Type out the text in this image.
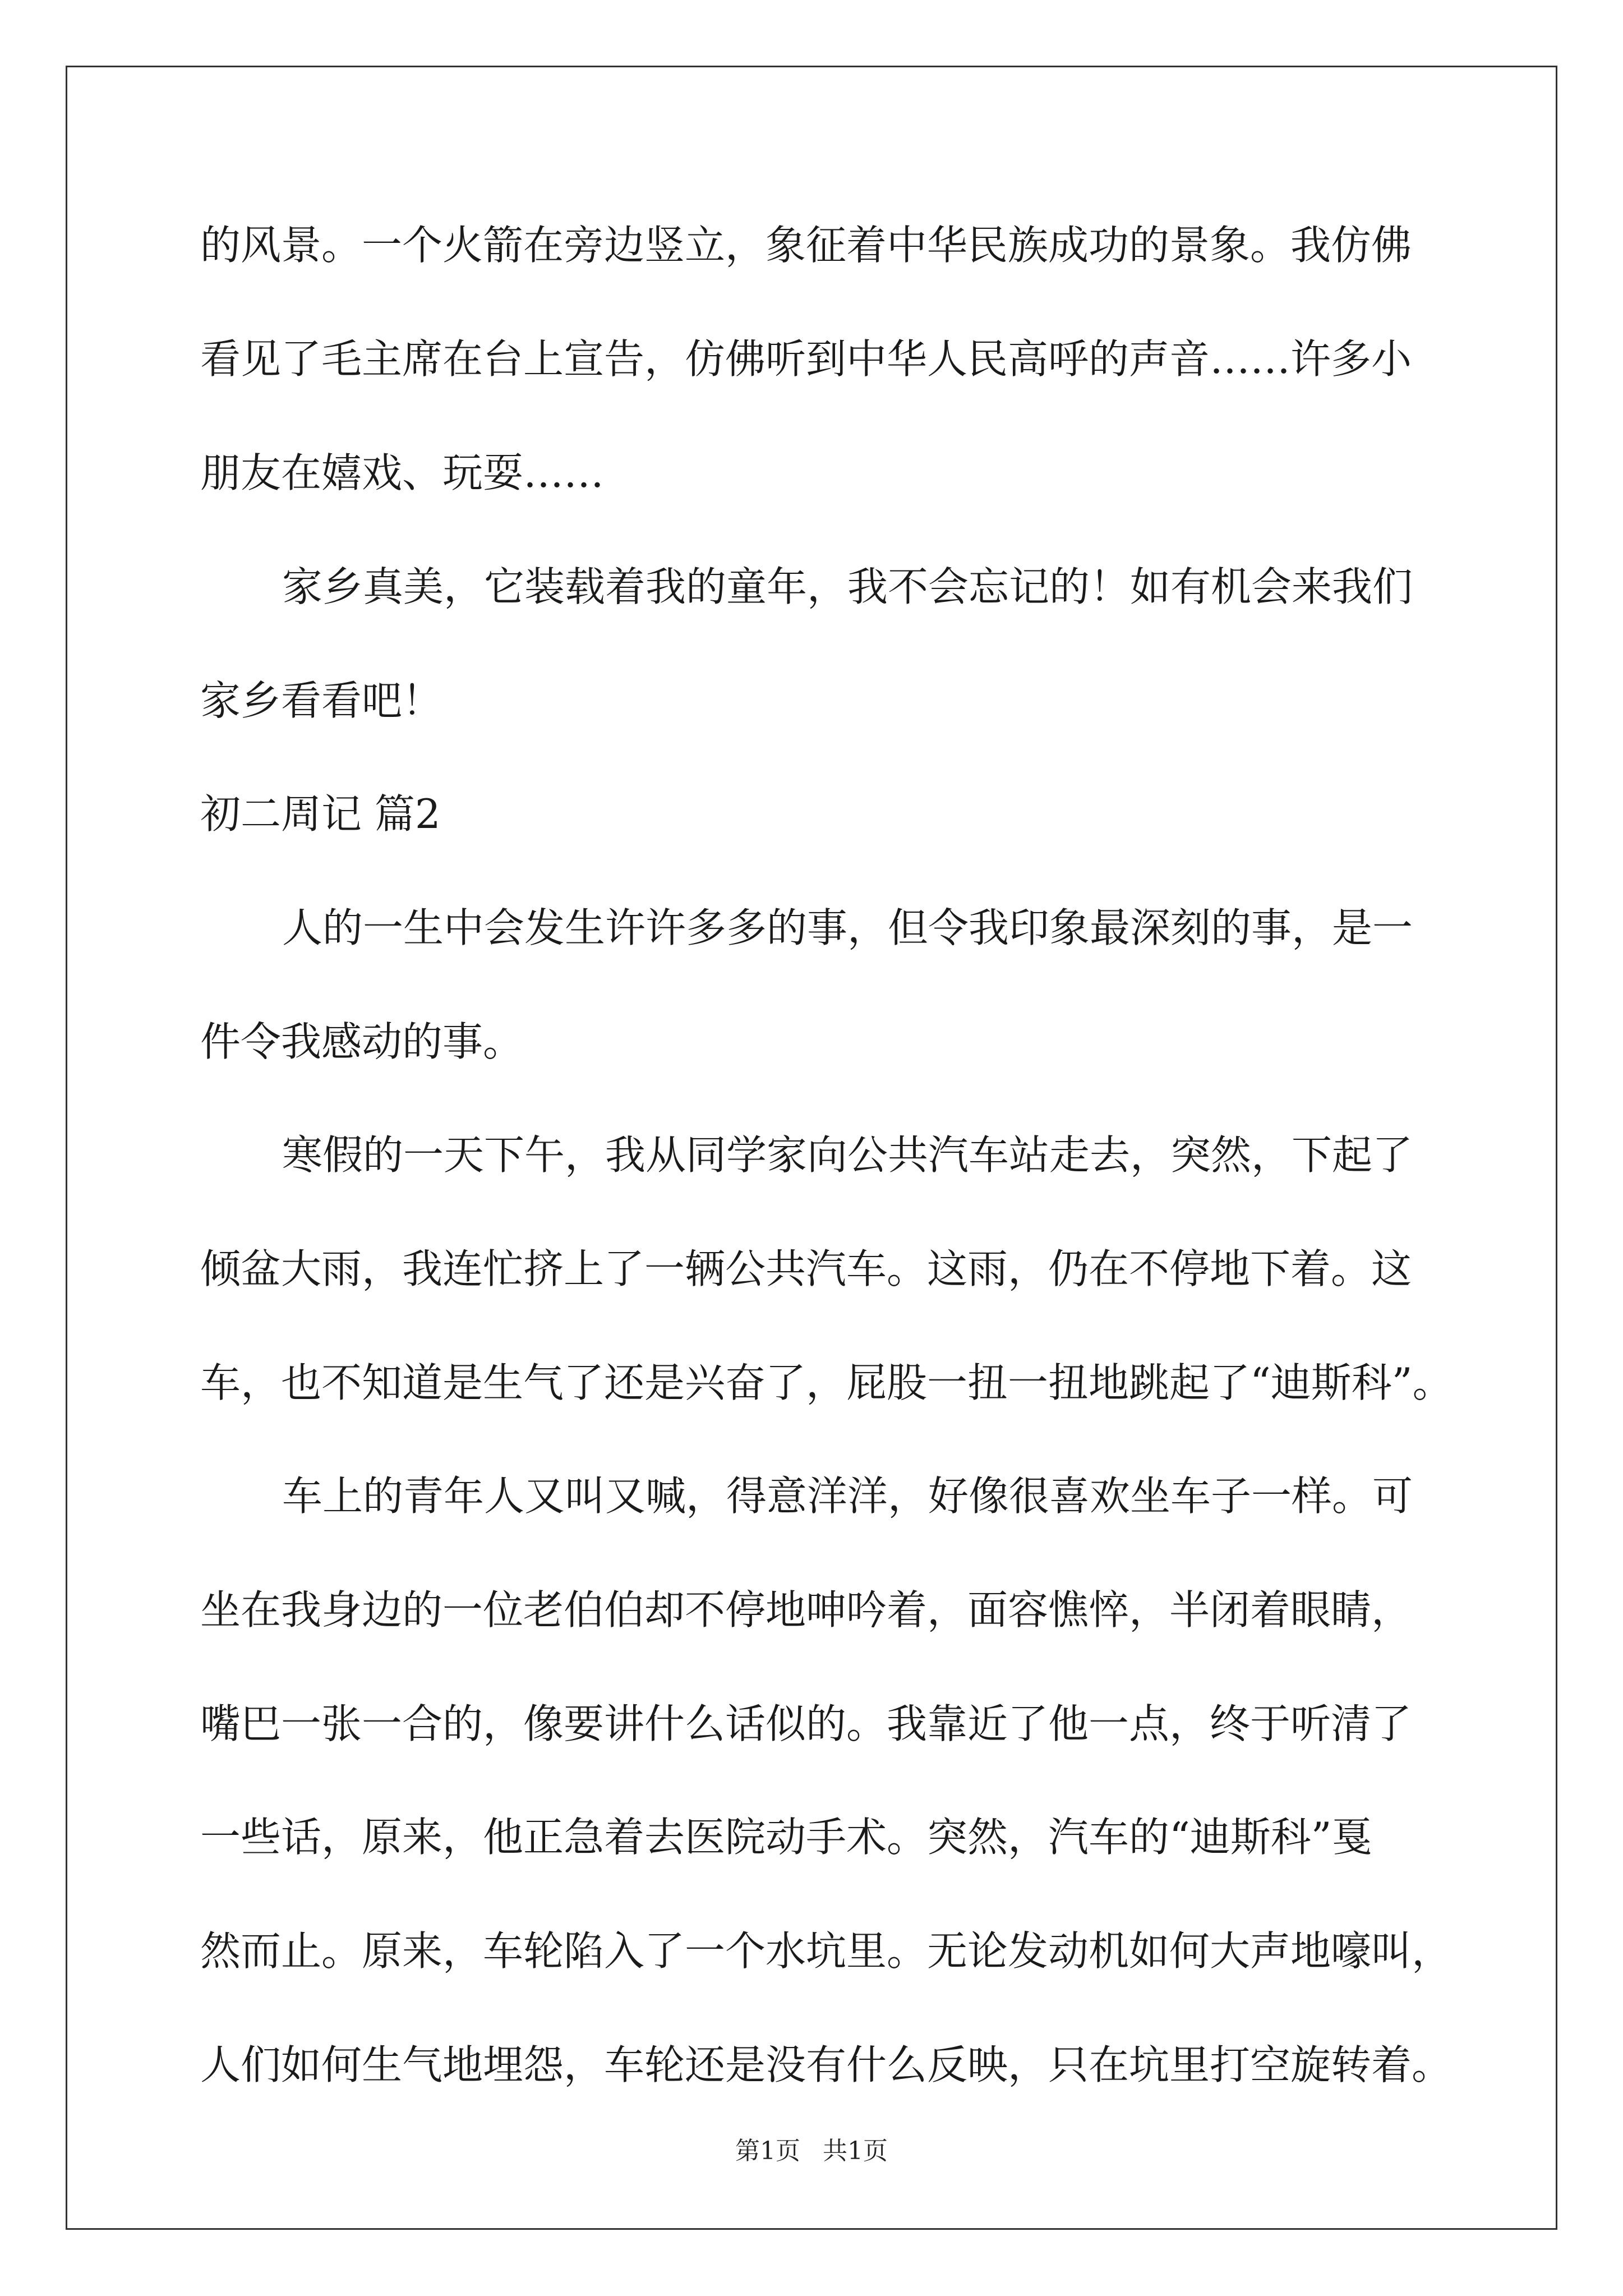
的风景。一个火箭在旁边竖立，象征着中华民族成功的景象。我仿佛
看见了毛主席在台上宣告，仿佛听到中华人民高呼的声音……许多小
朋友在嬉戏、玩耍……
家乡真美，它装载着我的童年，我不会忘记的！如有机会来我们
家乡看看吧！
初二周记 篇2
人的一生中会发生许许多多的事，但令我印象最深刻的事，是一
件令我感动的事。
寒假的一天下午，我从同学家向公共汽车站走去，突然，下起了
倾盆大雨，我连忙挤上了一辆公共汽车。这雨，仍在不停地下着。这
车，也不知道是生气了还是兴奋了，屁股一扭一扭地跳起了“迪斯科”。
车上的青年人又叫又喊，得意洋洋，好像很喜欢坐车子一样。可
坐在我身边的一位老伯伯却不停地呻吟着，面容憔悴，半闭着眼睛，
嘴巴一张一合的，像要讲什么话似的。我靠近了他一点，终于听清了
一些话，原来，他正急着去医院动手术。突然，汽车的“迪斯科”戛
然而止。原来，车轮陷入了一个水坑里。无论发动机如何大声地嚎叫，
人们如何生气地埋怨，车轮还是没有什么反映，只在坑里打空旋转着。
第1页 共1页
